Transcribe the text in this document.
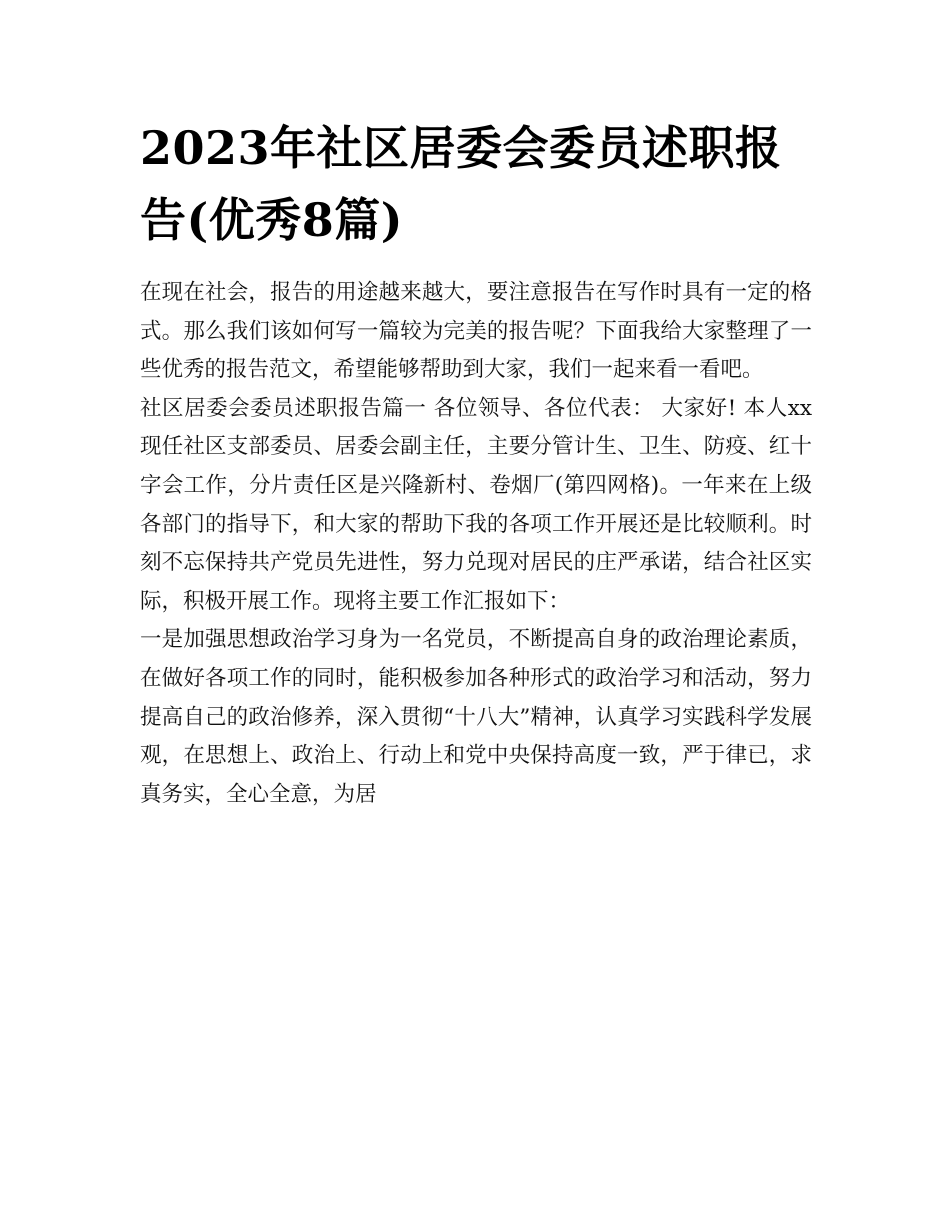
2023年社区居委会委员述职报告(优秀8篇)

在现在社会，报告的用途越来越大，要注意报告在写作时具有一定的格式。那么我们该如何写一篇较为完美的报告呢？下面我给大家整理了一些优秀的报告范文，希望能够帮助到大家，我们一起来看一看吧。

社区居委会委员述职报告篇一 各位领导、各位代表： 大家好! 本人xx现任社区支部委员、居委会副主任，主要分管计生、卫生、防疫、红十字会工作，分片责任区是兴隆新村、卷烟厂(第四网格)。一年来在上级各部门的指导下，和大家的帮助下我的各项工作开展还是比较顺利。时刻不忘保持共产党员先进性，努力兑现对居民的庄严承诺，结合社区实际，积极开展工作。现将主要工作汇报如下：

一是加强思想政治学习身为一名党员，不断提高自身的政治理论素质，在做好各项工作的同时，能积极参加各种形式的政治学习和活动，努力提高自己的政治修养，深入贯彻“十八大”精神，认真学习实践科学发展观，在思想上、政治上、行动上和党中央保持高度一致，严于律已，求真务实，全心全意，为居
